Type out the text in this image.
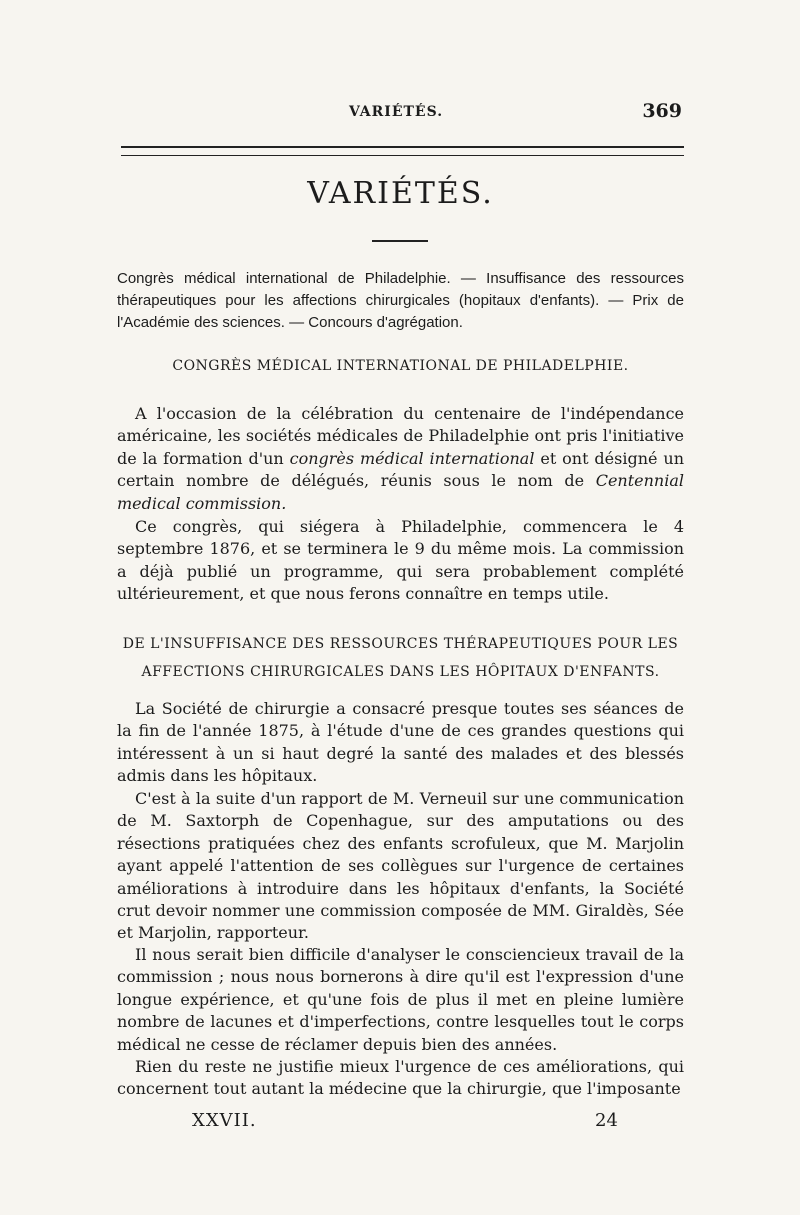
VARIÉTÉS.	369
VARIÉTÉS.
Congrès médical international de Philadelphie. — Insuffisance des ressources thérapeutiques pour les affections chirurgicales (hopitaux d'enfants). — Prix de l'Académie des sciences. — Concours d'agrégation.
CONGRÈS MÉDICAL INTERNATIONAL DE PHILADELPHIE.

A l'occasion de la célébration du centenaire de l'indépendance américaine, les sociétés médicales de Philadelphie ont pris l'initiative de la formation d'un congrès médical international et ont désigné un certain nombre de délégués, réunis sous le nom de Centennial medical commission.

Ce congrès, qui siégera à Philadelphie, commencera le 4 septembre 1876, et se terminera le 9 du même mois. La commission a déjà publié un programme, qui sera probablement complété ultérieurement, et que nous ferons connaître en temps utile.

DE L'INSUFFISANCE DES RESSOURCES THÉRAPEUTIQUES POUR LES
AFFECTIONS CHIRURGICALES DANS LES HÔPITAUX D'ENFANTS.

La Société de chirurgie a consacré presque toutes ses séances de la fin de l'année 1875, à l'étude d'une de ces grandes questions qui intéressent à un si haut degré la santé des malades et des blessés admis dans les hôpitaux.

C'est à la suite d'un rapport de M. Verneuil sur une communication de M. Saxtorph de Copenhague, sur des amputations ou des résections pratiquées chez des enfants scrofuleux, que M. Marjolin ayant appelé l'attention de ses collègues sur l'urgence de certaines améliorations à introduire dans les hôpitaux d'enfants, la Société crut devoir nommer une commission composée de MM. Giraldès, Sée et Marjolin, rapporteur.

Il nous serait bien difficile d'analyser le consciencieux travail de la commission ; nous nous bornerons à dire qu'il est l'expression d'une longue expérience, et qu'une fois de plus il met en pleine lumière nombre de lacunes et d'imperfections, contre lesquelles tout le corps médical ne cesse de réclamer depuis bien des années.

Rien du reste ne justifie mieux l'urgence de ces améliorations, qui concernent tout autant la médecine que la chirurgie, que l'imposante

XXVII.	24
